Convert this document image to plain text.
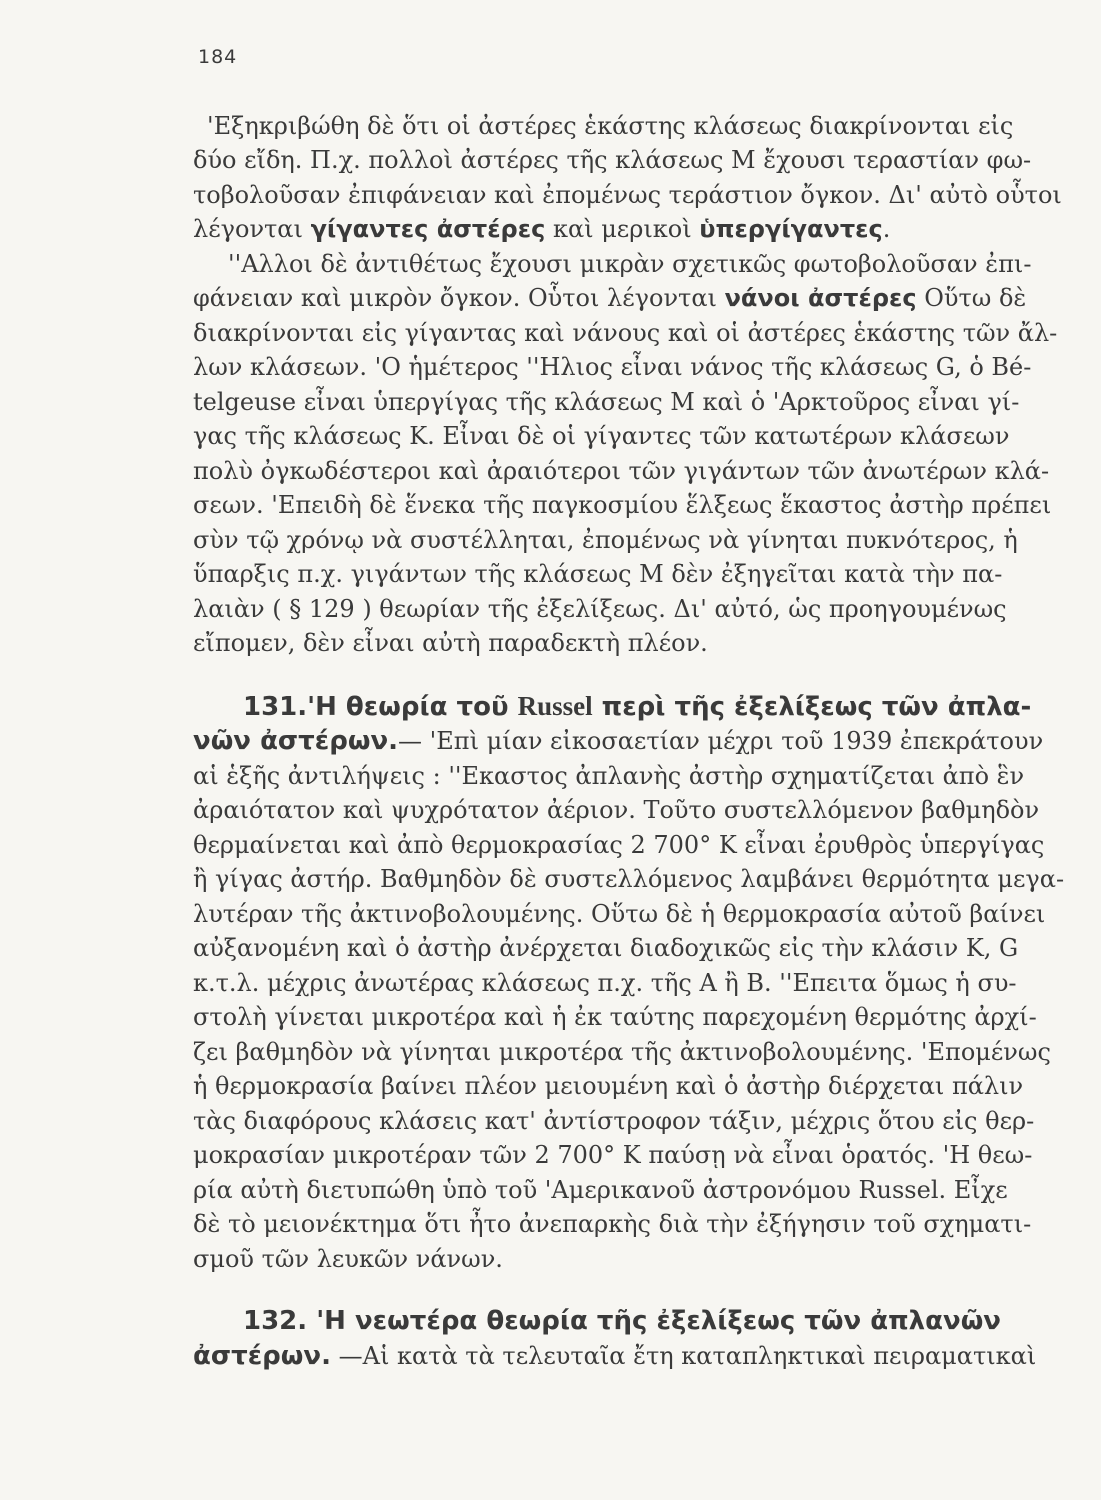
184
'Εξηκριβώθη δὲ ὅτι οἱ ἀστέρες ἑκάστης κλάσεως διακρίνονται εἰς
δύο εἴδη. Π.χ. πολλοὶ ἀστέρες τῆς κλάσεως Μ ἔχουσι τεραστίαν φω-
τοβολοῦσαν ἐπιφάνειαν καὶ ἐπομένως τεράστιον ὄγκον. Δι' αὐτὸ οὗτοι
λέγονται γίγαντες ἀστέρες καὶ μερικοὶ ὑπεργίγαντες.
''Αλλοι δὲ ἀντιθέτως ἔχουσι μικρὰν σχετικῶς φωτοβολοῦσαν ἐπι-
φάνειαν καὶ μικρὸν ὄγκον. Οὗτοι λέγονται νάνοι ἀστέρες Οὕτω δὲ
διακρίνονται εἰς γίγαντας καὶ νάνους καὶ οἱ ἀστέρες ἑκάστης τῶν ἄλ-
λων κλάσεων. 'Ο ἡμέτερος ''Ηλιος εἶναι νάνος τῆς κλάσεως G, ὁ Βé-
telgeuse εἶναι ὑπεργίγας τῆς κλάσεως Μ καὶ ὁ 'Αρκτοῦρος εἶναι γί-
γας τῆς κλάσεως Κ. Εἶναι δὲ οἱ γίγαντες τῶν κατωτέρων κλάσεων
πολὺ ὀγκωδέστεροι καὶ ἀραιότεροι τῶν γιγάντων τῶν ἀνωτέρων κλά-
σεων. 'Επειδὴ δὲ ἕνεκα τῆς παγκοσμίου ἕλξεως ἕκαστος ἀστὴρ πρέπει
σὺν τῷ χρόνῳ νὰ συστέλληται, ἐπομένως νὰ γίνηται πυκνότερος, ἡ
ὕπαρξις π.χ. γιγάντων τῆς κλάσεως Μ δὲν ἐξηγεῖται κατὰ τὴν πα-
λαιὰν ( § 129 ) θεωρίαν τῆς ἐξελίξεως. Δι' αὐτό, ὡς προηγουμένως
εἴπομεν, δὲν εἶναι αὐτὴ παραδεκτὴ πλέον.
131.'Η θεωρία τοῦ Russel περὶ τῆς ἐξελίξεως τῶν ἀπλα-
νῶν ἀστέρων.— 'Επὶ μίαν εἰκοσαετίαν μέχρι τοῦ 1939 ἐπεκράτουν
αἱ ἑξῆς ἀντιλήψεις : ''Εκαστος ἀπλανὴς ἀστὴρ σχηματίζεται ἀπὸ ἓν
ἀραιότατον καὶ ψυχρότατον ἀέριον. Τοῦτο συστελλόμενον βαθμηδὸν
θερμαίνεται καὶ ἀπὸ θερμοκρασίας 2 700° Κ εἶναι ἐρυθρὸς ὑπεργίγας
ἢ γίγας ἀστήρ. Βαθμηδὸν δὲ συστελλόμενος λαμβάνει θερμότητα μεγα-
λυτέραν τῆς ἀκτινοβολουμένης. Οὕτω δὲ ἡ θερμοκρασία αὐτοῦ βαίνει
αὐξανομένη καὶ ὁ ἀστὴρ ἀνέρχεται διαδοχικῶς εἰς τὴν κλάσιν Κ, G
κ.τ.λ. μέχρις ἀνωτέρας κλάσεως π.χ. τῆς Α ἢ Β. ''Επειτα ὅμως ἡ συ-
στολὴ γίνεται μικροτέρα καὶ ἡ ἐκ ταύτης παρεχομένη θερμότης ἀρχί-
ζει βαθμηδὸν νὰ γίνηται μικροτέρα τῆς ἀκτινοβολουμένης. 'Επομένως
ἡ θερμοκρασία βαίνει πλέον μειουμένη καὶ ὁ ἀστὴρ διέρχεται πάλιν
τὰς διαφόρους κλάσεις κατ' ἀντίστροφον τάξιν, μέχρις ὅτου εἰς θερ-
μοκρασίαν μικροτέραν τῶν 2 700° Κ παύσῃ νὰ εἶναι ὁρατός. 'Η θεω-
ρία αὐτὴ διετυπώθη ὑπὸ τοῦ 'Αμερικανοῦ ἀστρονόμου Russel. Εἶχε
δὲ τὸ μειονέκτημα ὅτι ἦτο ἀνεπαρκὴς διὰ τὴν ἐξήγησιν τοῦ σχηματι-
σμοῦ τῶν λευκῶν νάνων.
132. 'Η νεωτέρα θεωρία τῆς ἐξελίξεως τῶν ἀπλανῶν
ἀστέρων. —Αἱ κατὰ τὰ τελευταῖα ἔτη καταπληκτικαὶ πειραματικαὶ
